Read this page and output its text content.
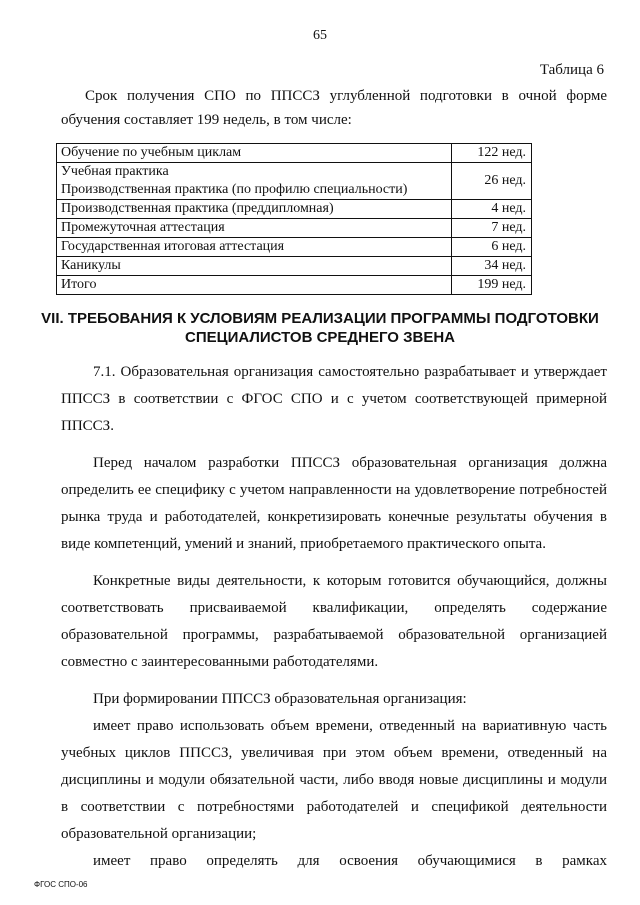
65
Таблица 6

Срок получения СПО по ППССЗ углубленной подготовки в очной форме обучения составляет 199 недель, в том числе:

Обучение по учебным циклам	122 нед.

Учебная практика
Производственная практика (по профилю специальности)	26 нед.
Производственная практика (преддипломная)	4 нед.
Промежуточная аттестация	7 нед.
Государственная итоговая аттестация	6 нед.
Каникулы	34 нед.
Итого	199 нед.
VII. ТРЕБОВАНИЯ К УСЛОВИЯМ РЕАЛИЗАЦИИ ПРОГРАММЫ ПОДГОТОВКИ
СПЕЦИАЛИСТОВ СРЕДНЕГО ЗВЕНА

7.1. Образовательная организация самостоятельно разрабатывает и утверждает ППССЗ в соответствии с ФГОС СПО и с учетом соответствующей примерной ППССЗ.

Перед началом разработки ППССЗ образовательная организация должна определить ее специфику с учетом направленности на удовлетворение потребностей рынка труда и работодателей, конкретизировать конечные результаты обучения в виде компетенций, умений и знаний, приобретаемого практического опыта.

Конкретные виды деятельности, к которым готовится обучающийся, должны соответствовать присваиваемой квалификации, определять содержание образовательной программы, разрабатываемой образовательной организацией совместно с заинтересованными работодателями.

При формировании ППССЗ образовательная организация:

имеет право использовать объем времени, отведенный на вариативную часть учебных циклов ППССЗ, увеличивая при этом объем времени, отведенный на дисциплины и модули обязательной части, либо вводя новые дисциплины и модули в соответствии с потребностями работодателей и спецификой деятельности образовательной организации;

имеет право определять для освоения обучающимися в рамках

ФГОС СПО-06
